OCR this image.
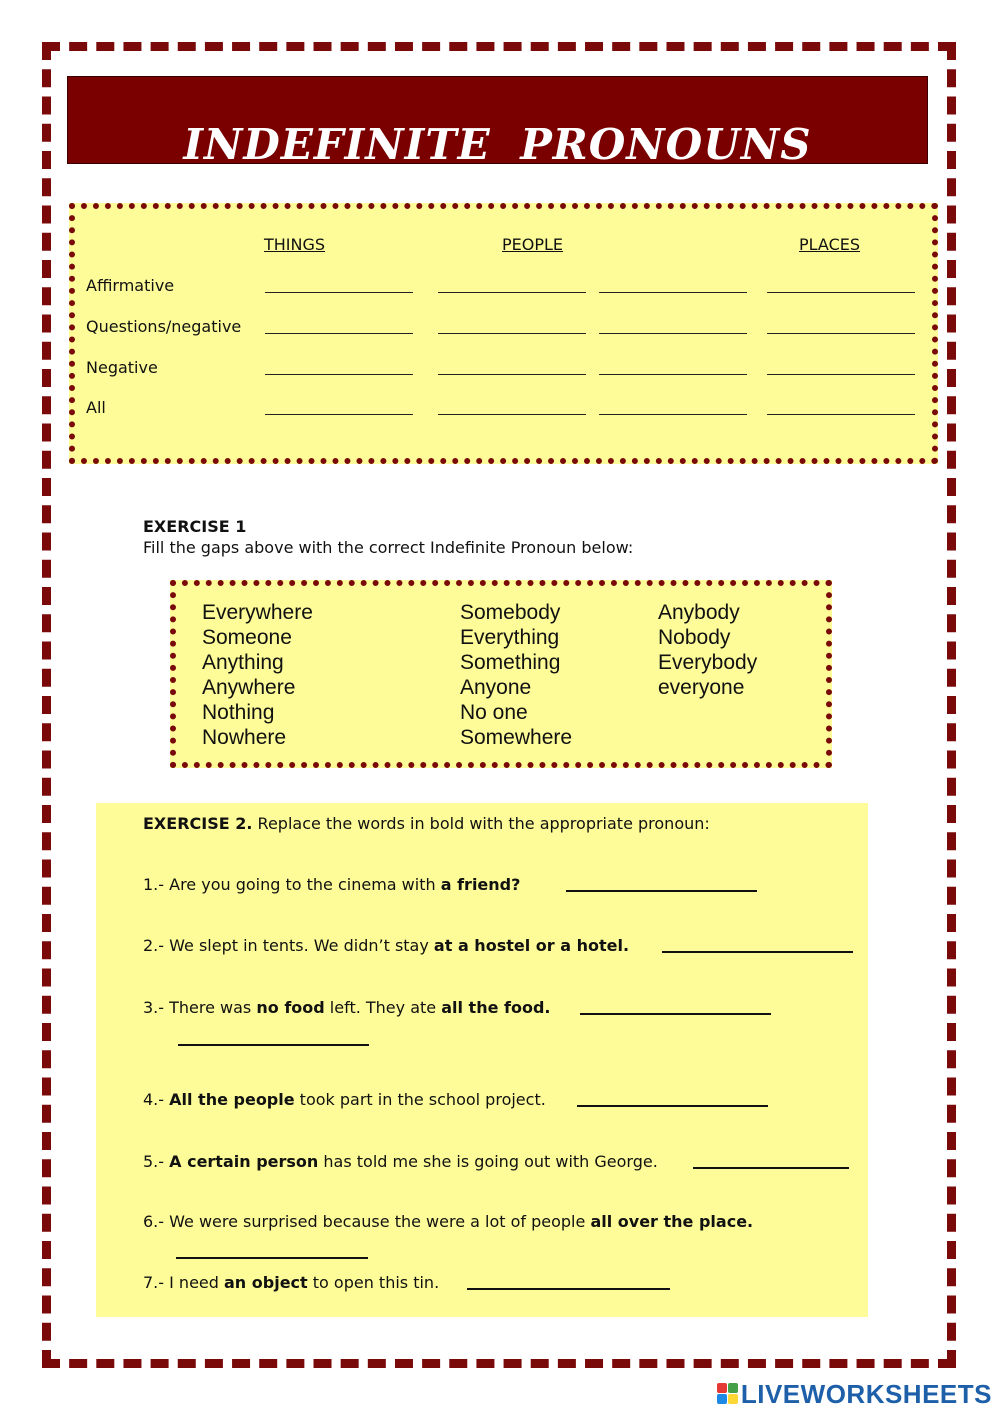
INDEFINITE PRONOUNS
THINGS	PEOPLE	PLACES
Affirmative
Questions/negative
Negative
All
EXERCISE 1
Fill the gaps above with the correct Indefinite Pronoun below:
Everywhere
Someone
Anything
Anywhere
Nothing
Nowhere
Somebody
Everything
Something
Anyone
No one
Somewhere
Anybody
Nobody
Everybody
everyone
EXERCISE 2. Replace the words in bold with the appropriate pronoun:
1.- Are you going to the cinema with a friend?
2.- We slept in tents. We didn’t stay at a hostel or a hotel.
3.- There was no food left. They ate all the food.
4.- All the people took part in the school project.
5.- A certain person has told me she is going out with George.
6.- We were surprised because the were a lot of people all over the place.
7.- I need an object to open this tin.
LIVEWORKSHEETS
